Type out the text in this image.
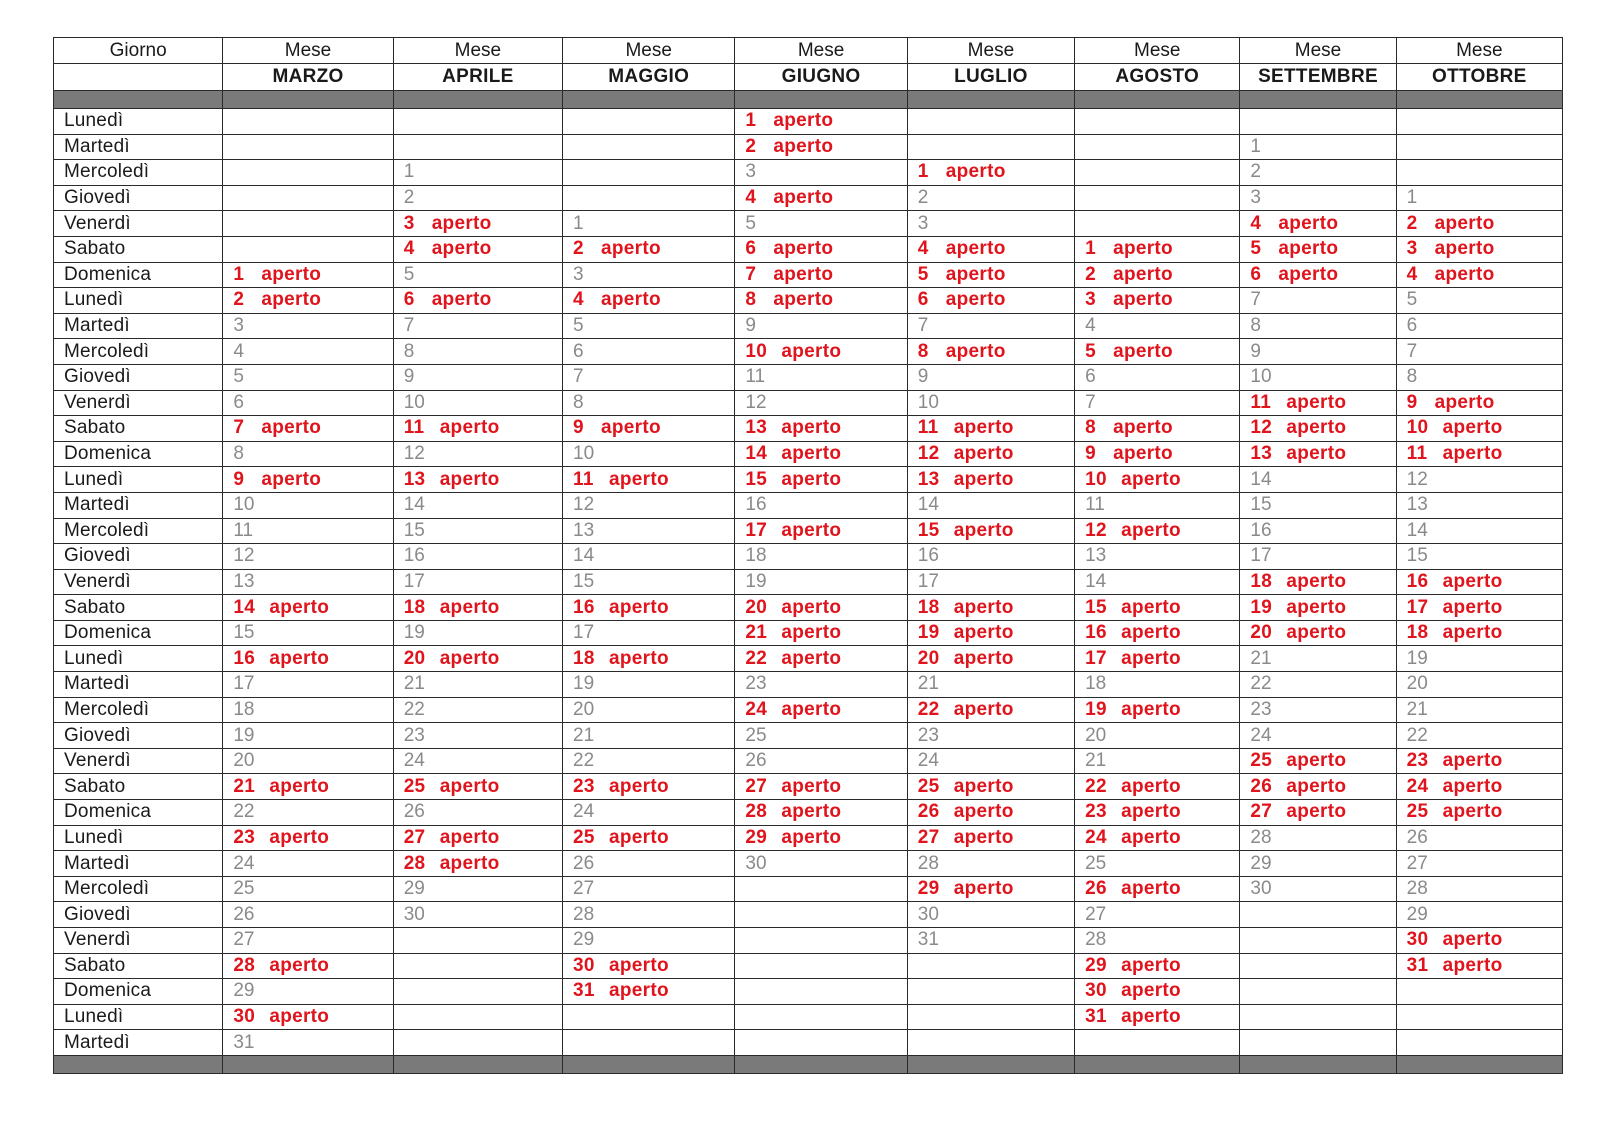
Giorno	Mese	Mese	Mese	Mese	Mese	Mese	Mese	Mese
	MARZO	APRILE	MAGGIO	GIUGNO	LUGLIO	AGOSTO	SETTEMBRE	OTTOBRE

Lunedì				1 aperto				
Martedì				2 aperto			1	
Mercoledì		1		3	1 aperto		2	
Giovedì		2		4 aperto	2		3	1
Venerdì		3 aperto	1	5	3		4 aperto	2 aperto
Sabato		4 aperto	2 aperto	6 aperto	4 aperto	1 aperto	5 aperto	3 aperto
Domenica	1 aperto	5	3	7 aperto	5 aperto	2 aperto	6 aperto	4 aperto
Lunedì	2 aperto	6 aperto	4 aperto	8 aperto	6 aperto	3 aperto	7	5
Martedì	3	7	5	9	7	4	8	6
Mercoledì	4	8	6	10 aperto	8 aperto	5 aperto	9	7
Giovedì	5	9	7	11	9	6	10	8
Venerdì	6	10	8	12	10	7	11 aperto	9 aperto
Sabato	7 aperto	11 aperto	9 aperto	13 aperto	11 aperto	8 aperto	12 aperto	10 aperto
Domenica	8	12	10	14 aperto	12 aperto	9 aperto	13 aperto	11 aperto
Lunedì	9 aperto	13 aperto	11 aperto	15 aperto	13 aperto	10 aperto	14	12
Martedì	10	14	12	16	14	11	15	13
Mercoledì	11	15	13	17 aperto	15 aperto	12 aperto	16	14
Giovedì	12	16	14	18	16	13	17	15
Venerdì	13	17	15	19	17	14	18 aperto	16 aperto
Sabato	14 aperto	18 aperto	16 aperto	20 aperto	18 aperto	15 aperto	19 aperto	17 aperto
Domenica	15	19	17	21 aperto	19 aperto	16 aperto	20 aperto	18 aperto
Lunedì	16 aperto	20 aperto	18 aperto	22 aperto	20 aperto	17 aperto	21	19
Martedì	17	21	19	23	21	18	22	20
Mercoledì	18	22	20	24 aperto	22 aperto	19 aperto	23	21
Giovedì	19	23	21	25	23	20	24	22
Venerdì	20	24	22	26	24	21	25 aperto	23 aperto
Sabato	21 aperto	25 aperto	23 aperto	27 aperto	25 aperto	22 aperto	26 aperto	24 aperto
Domenica	22	26	24	28 aperto	26 aperto	23 aperto	27 aperto	25 aperto
Lunedì	23 aperto	27 aperto	25 aperto	29 aperto	27 aperto	24 aperto	28	26
Martedì	24	28 aperto	26	30	28	25	29	27
Mercoledì	25	29	27		29 aperto	26 aperto	30	28
Giovedì	26	30	28		30	27		29
Venerdì	27		29		31	28		30 aperto
Sabato	28 aperto		30 aperto			29 aperto		31 aperto
Domenica	29		31 aperto			30 aperto		
Lunedì	30 aperto					31 aperto		
Martedì	31							
